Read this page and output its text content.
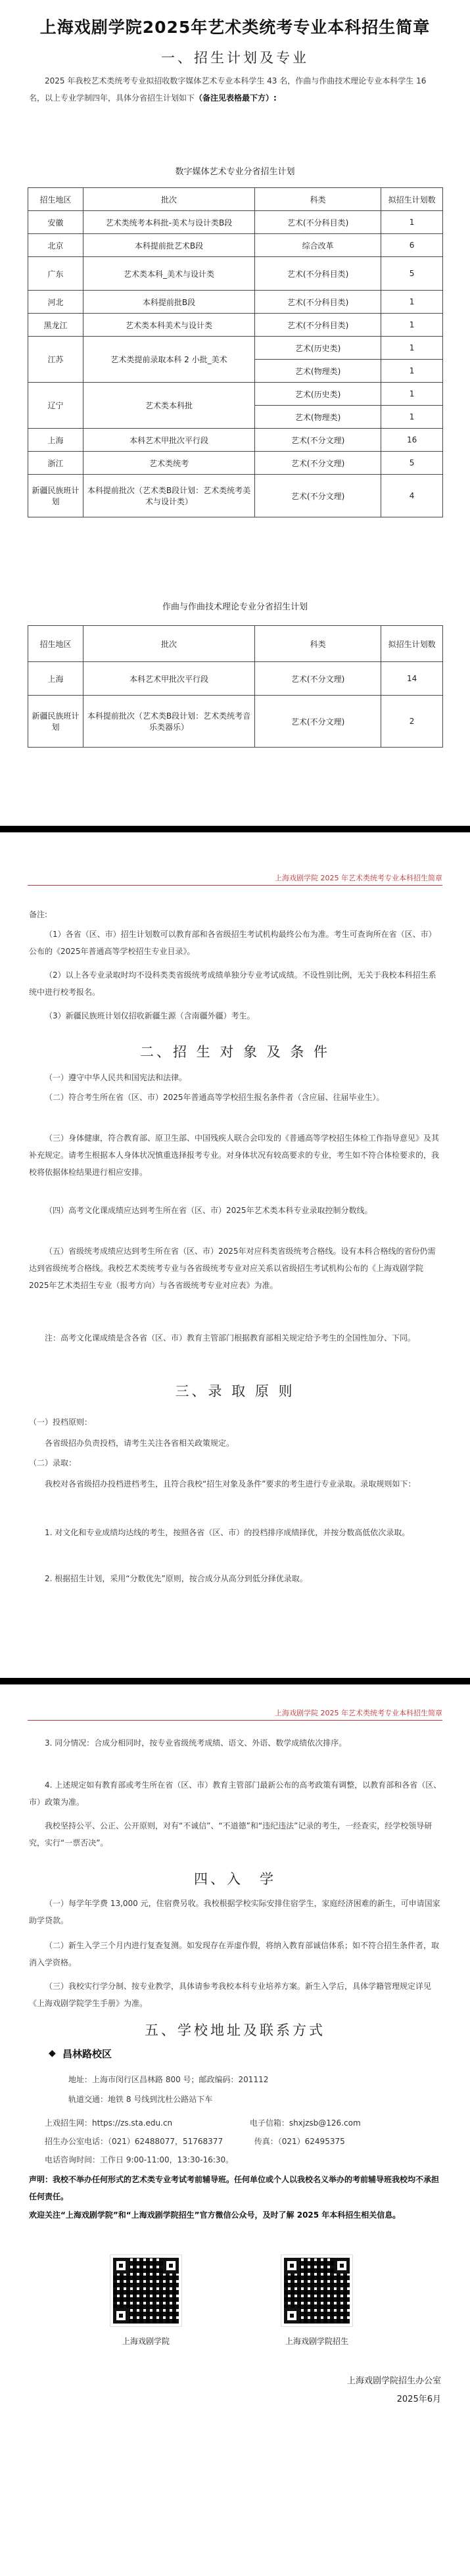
上海戏剧学院2025年艺术类统考专业本科招生简章
一、招生计划及专业

2025 年我校艺术类统考专业拟招收数字媒体艺术专业本科学生 43 名，作曲与作曲技术理论专业本科学生 16 名，以上专业学制四年，具体分省招生计划如下（备注见表格最下方）:

数字媒体艺术专业分省招生计划
招生地区	批次	科类	拟招生计划数
安徽	艺术类统考本科批-美术与设计类B段	艺术(不分科目类)	1
北京	本科提前批艺术B段	综合改革	6
广东	艺术类本科_美术与设计类	艺术(不分科目类)	5
河北	本科提前批B段	艺术(不分科目类)	1
黑龙江	艺术类本科美术与设计类	艺术(不分科目类)	1
江苏	艺术类提前录取本科 2 小批_美术	艺术(历史类)	1
		艺术(物理类)	1
辽宁	艺术类本科批	艺术(历史类)	1
		艺术(物理类)	1
上海	本科艺术甲批次平行段	艺术(不分文理)	16
浙江	艺术类统考	艺术(不分文理)	5
新疆民族班计划	本科提前批次（艺术类B段计划：艺术类统考美术与设计类）	艺术(不分文理)	4
作曲与作曲技术理论专业分省招生计划
招生地区	批次	科类	拟招生计划数
上海	本科艺术甲批次平行段	艺术(不分文理)	14
新疆民族班计划	本科提前批次（艺术类B段计划：艺术类统考音乐类器乐）	艺术(不分文理)	2
上海戏剧学院 2025 年艺术类统考专业本科招生简章

备注:

（1）各省（区、市）招生计划数可以教育部和各省级招生考试机构最终公布为准。考生可查询所在省（区、市）公布的《2025年普通高等学校招生专业目录》。

（2）以上各专业录取时均不设科类类省级统考成绩单独分专业考试成绩。不设性别比例，无关于我校本科招生系统中进行校考报名。

（3）新疆民族班计划仅招收新疆生源（含南疆外疆）考生。

二、招 生 对 象 及 条 件

（一）遵守中华人民共和国宪法和法律。

（二）符合考生所在省（区、市）2025年普通高等学校招生报名条件者（含应届、往届毕业生）。

（三）身体健康，符合教育部、原卫生部、中国残疾人联合会印发的《普通高等学校招生体检工作指导意见》及其补充规定。请考生根据本人身体状况慎重选择报考专业。对身体状况有较高要求的专业，考生如不符合体检要求的，我校将依据体检结果进行相应安排。

（四）高考文化课成绩应达到考生所在省（区、市）2025年艺术类本科专业录取控制分数线。

（五）省级统考成绩应达到考生所在省（区、市）2025年对应科类省级统考合格线。设有本科合格线的省份仍需达到省级统考合格线。我校艺术类统考专业与各省级统考专业对应关系以省级招生考试机构公布的《上海戏剧学院 2025年艺术类招生专业（报考方向）与各省级统考专业对应表》为准。

注：高考文化课成绩是含各省（区、市）教育主管部门根据教育部相关规定给予考生的全国性加分、下同。

三、录 取 原 则

（一）投档原则：

各省级招办负责投档，请考生关注各省相关政策规定。

（二）录取：

我校对各省级招办投档进档考生，且符合我校“招生对象及条件”要求的考生进行专业录取。录取规则如下：

1. 对文化和专业成绩均达线的考生，按照各省（区、市）的投档排序成绩择优，并按分数高低依次录取。

2. 根据招生计划，采用“分数优先”原则，按合成分从高分到低分择优录取。

上海戏剧学院 2025 年艺术类统考专业本科招生简章

3. 同分情况：合成分相同时，按专业省级统考成绩、语文、外语、数学成绩依次排序。

4. 上述规定如有教育部或考生所在省（区、市）教育主管部门最新公布的高考政策有调整，以教育部和各省（区、市）政策为准。

我校坚持公平、公正、公开原则，对有“不诚信”、“不道德”和“违纪违法”记录的考生，一经查实，经学校领导研究，实行“一票否决”。

四、入　学

（一）每学年学费 13,000 元，住宿费另收。我校根据学校实际安排住宿学生，家庭经济困难的新生，可申请国家助学贷款。

（二）新生入学三个月内进行复查复测。如发现存在弄虚作假，将纳入教育部诚信体系；如不符合招生条件者，取消入学资格。

（三）我校实行学分制、按专业教学，具体请参考我校本科专业培养方案。新生入学后，具体学籍管理规定详见《上海戏剧学院学生手册》为准。

五、学校地址及联系方式
◆ 昌林路校区

地址：上海市闵行区昌林路 800 号；邮政编码：201112

轨道交通：地铁 8 号线到沈杜公路站下车

上戏招生网：https://zs.sta.edu.cn	电子信箱：shxjzsb@126.com

招生办公室电话：（021）62488077，51768377	传真：（021）62495375

电话咨询时间：工作日 9:00-11:00，13:30-16:30。

声明：我校不举办任何形式的艺术类专业考试考前辅导班。任何单位或个人以我校名义举办的考前辅导班我校均不承担任何责任。

欢迎关注“上海戏剧学院”和“上海戏剧学院招生”官方微信公众号，及时了解 2025 年本科招生相关信息。

上海戏剧学院	上海戏剧学院招生
上海戏剧学院招生办公室
2025年6月
